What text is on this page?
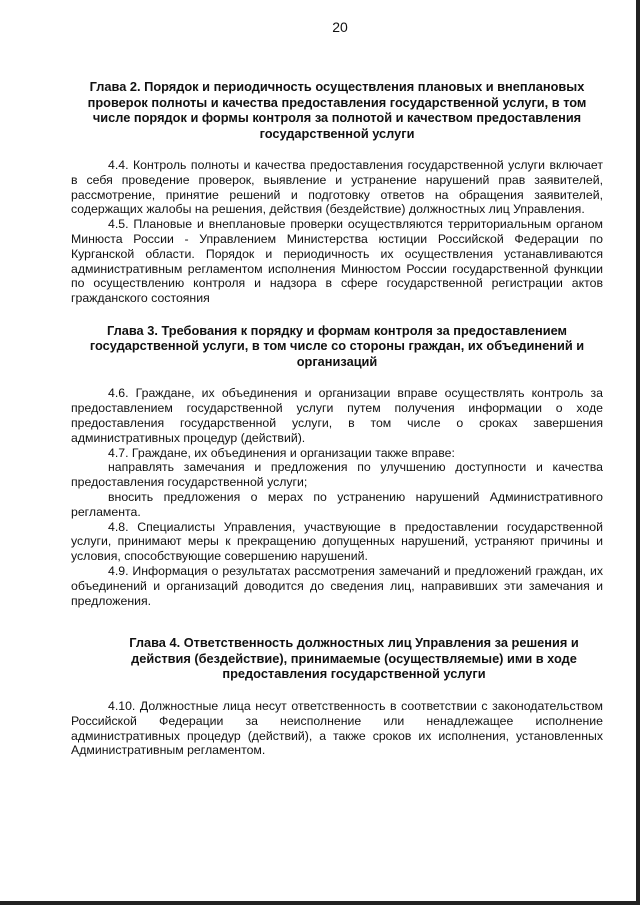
20

Глава 2. Порядок и периодичность осуществления плановых и внеплановых проверок полноты и качества предоставления государственной услуги, в том числе порядок и формы контроля за полнотой и качеством предоставления государственной услуги

4.4. Контроль полноты и качества предоставления государственной услуги включает в себя проведение проверок, выявление и устранение нарушений прав заявителей, рассмотрение, принятие решений и подготовку ответов на обращения заявителей, содержащих жалобы на решения, действия (бездействие) должностных лиц Управления.

4.5. Плановые и внеплановые проверки осуществляются территориальным органом Минюста России - Управлением Министерства юстиции Российской Федерации по Курганской области. Порядок и периодичность их осуществления устанавливаются административным регламентом исполнения Минюстом России государственной функции по осуществлению контроля и надзора в сфере государственной регистрации актов гражданского состояния

Глава 3. Требования к порядку и формам контроля за предоставлением государственной услуги, в том числе со стороны граждан, их объединений и организаций

4.6. Граждане, их объединения и организации вправе осуществлять контроль за предоставлением государственной услуги путем получения информации о ходе предоставления государственной услуги, в том числе о сроках завершения административных процедур (действий).

4.7. Граждане, их объединения и организации также вправе:

направлять замечания и предложения по улучшению доступности и качества предоставления государственной услуги;

вносить предложения о мерах по устранению нарушений Административного регламента.

4.8. Специалисты Управления, участвующие в предоставлении государственной услуги, принимают меры к прекращению допущенных нарушений, устраняют причины и условия, способствующие совершению нарушений.

4.9. Информация о результатах рассмотрения замечаний и предложений граждан, их объединений и организаций доводится до сведения лиц, направивших эти замечания и предложения.

Глава 4. Ответственность должностных лиц Управления за решения и действия (бездействие), принимаемые (осуществляемые) ими в ходе предоставления государственной услуги

4.10. Должностные лица несут ответственность в соответствии с законодательством Российской Федерации за неисполнение или ненадлежащее исполнение административных процедур (действий), а также сроков их исполнения, установленных Административным регламентом.
